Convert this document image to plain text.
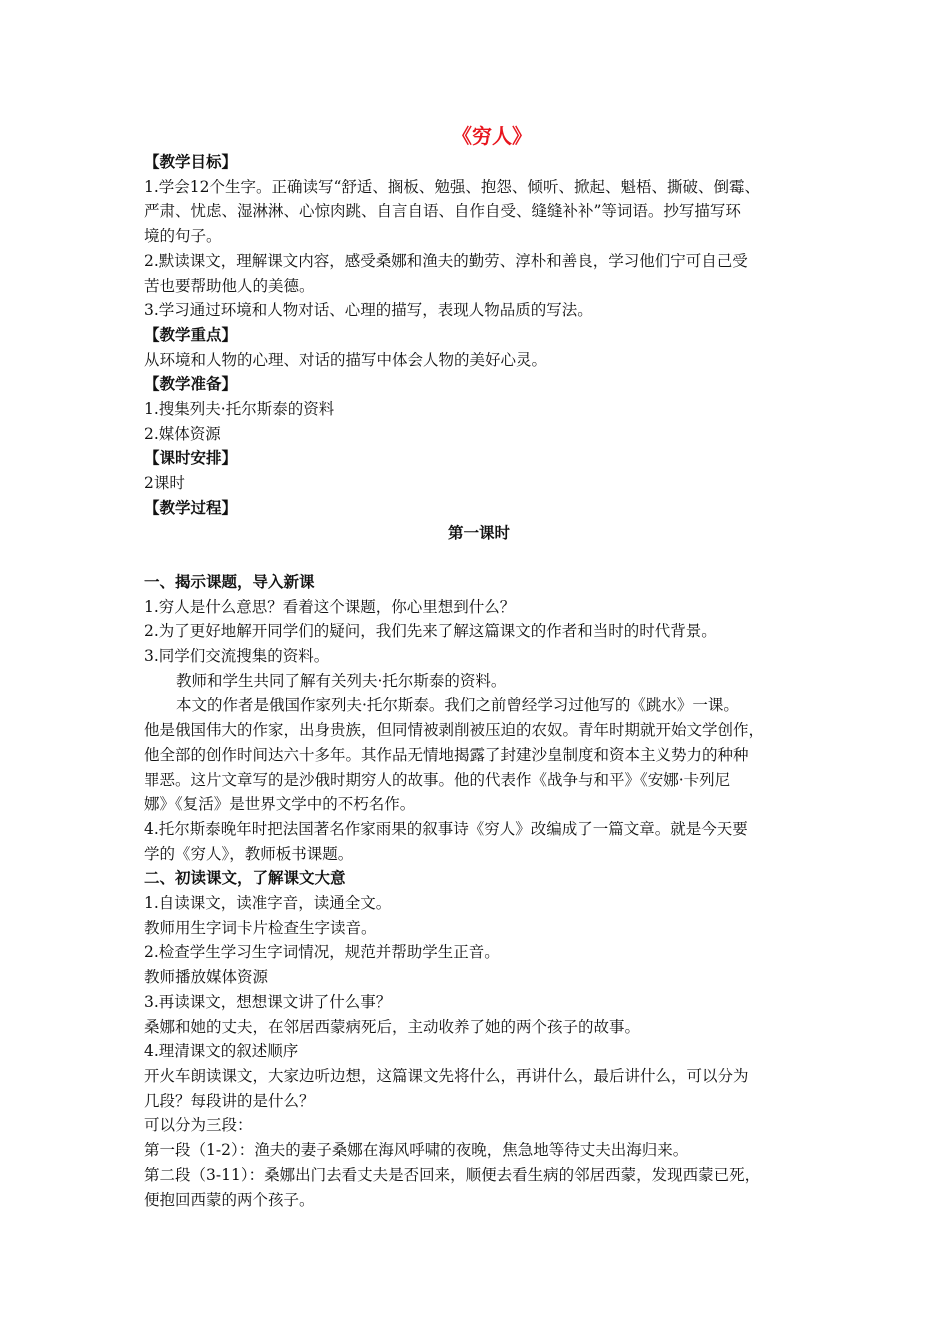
《穷人》
【教学目标】
1.学会12个生字。正确读写“舒适、搁板、勉强、抱怨、倾听、掀起、魁梧、撕破、倒霉、
严肃、忧虑、湿淋淋、心惊肉跳、自言自语、自作自受、缝缝补补”等词语。抄写描写环
境的句子。
2.默读课文，理解课文内容，感受桑娜和渔夫的勤劳、淳朴和善良，学习他们宁可自己受
苦也要帮助他人的美德。
3.学习通过环境和人物对话、心理的描写，表现人物品质的写法。
【教学重点】
从环境和人物的心理、对话的描写中体会人物的美好心灵。
【教学准备】
1.搜集列夫·托尔斯泰的资料
2.媒体资源
【课时安排】
2课时
【教学过程】
第一课时
一、揭示课题，导入新课
1.穷人是什么意思？看着这个课题，你心里想到什么？
2.为了更好地解开同学们的疑问，我们先来了解这篇课文的作者和当时的时代背景。
3.同学们交流搜集的资料。
教师和学生共同了解有关列夫·托尔斯泰的资料。
本文的作者是俄国作家列夫·托尔斯泰。我们之前曾经学习过他写的《跳水》一课。
他是俄国伟大的作家，出身贵族，但同情被剥削被压迫的农奴。青年时期就开始文学创作，
他全部的创作时间达六十多年。其作品无情地揭露了封建沙皇制度和资本主义势力的种种
罪恶。这片文章写的是沙俄时期穷人的故事。他的代表作《战争与和平》《安娜·卡列尼
娜》《复活》是世界文学中的不朽名作。
4.托尔斯泰晚年时把法国著名作家雨果的叙事诗《穷人》改编成了一篇文章。就是今天要
学的《穷人》，教师板书课题。
二、初读课文，了解课文大意
1.自读课文，读准字音，读通全文。
教师用生字词卡片检查生字读音。
2.检查学生学习生字词情况，规范并帮助学生正音。
教师播放媒体资源
3.再读课文，想想课文讲了什么事？
桑娜和她的丈夫，在邻居西蒙病死后，主动收养了她的两个孩子的故事。
4.理清课文的叙述顺序
开火车朗读课文，大家边听边想，这篇课文先将什么，再讲什么，最后讲什么，可以分为
几段？每段讲的是什么？
可以分为三段：
第一段（1-2）：渔夫的妻子桑娜在海风呼啸的夜晚，焦急地等待丈夫出海归来。
第二段（3-11）：桑娜出门去看丈夫是否回来，顺便去看生病的邻居西蒙，发现西蒙已死，
便抱回西蒙的两个孩子。
